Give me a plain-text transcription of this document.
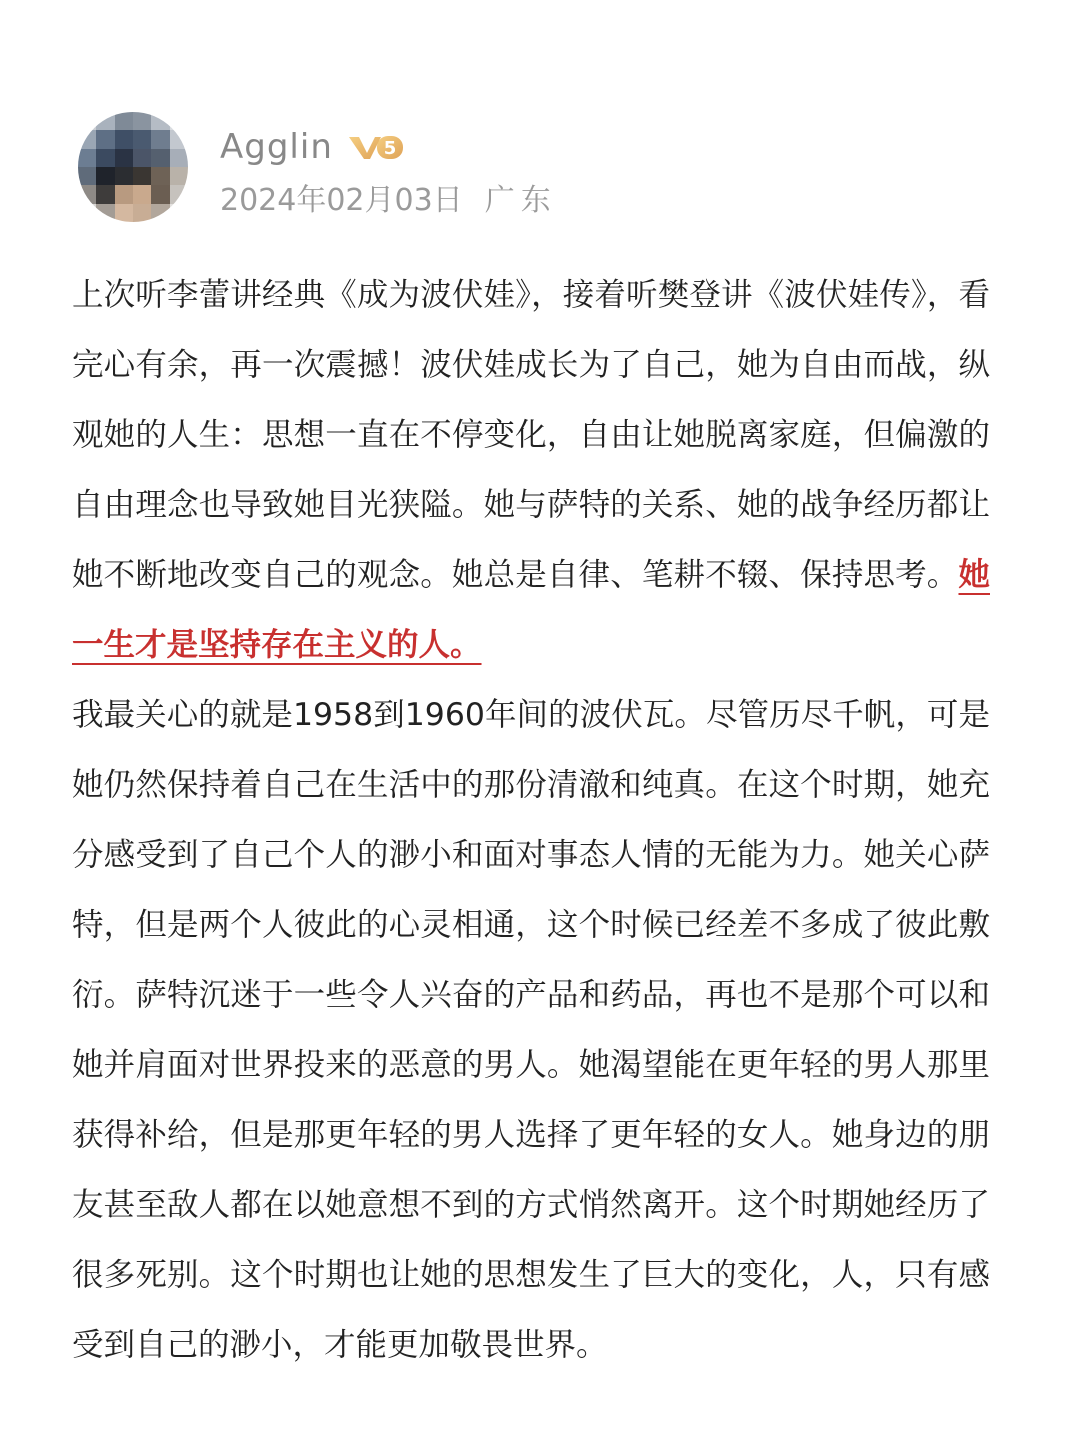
Agglin	5
2024年02月03日 广东

上次听李蕾讲经典《成为波伏娃》，接着听樊登讲《波伏娃传》，看完心有余，再一次震撼！波伏娃成长为了自己，她为自由而战，纵观她的人生：思想一直在不停变化，自由让她脱离家庭，但偏激的自由理念也导致她目光狭隘。她与萨特的关系、她的战争经历都让她不断地改变自己的观念。她总是自律、笔耕不辍、保持思考。她一生才是坚持存在主义的人。

我最关心的就是1958到1960年间的波伏瓦。尽管历尽千帆，可是她仍然保持着自己在生活中的那份清澈和纯真。在这个时期，她充分感受到了自己个人的渺小和面对事态人情的无能为力。她关心萨特，但是两个人彼此的心灵相通，这个时候已经差不多成了彼此敷衍。萨特沉迷于一些令人兴奋的产品和药品，再也不是那个可以和她并肩面对世界投来的恶意的男人。她渴望能在更年轻的男人那里获得补给，但是那更年轻的男人选择了更年轻的女人。她身边的朋友甚至敌人都在以她意想不到的方式悄然离开。这个时期她经历了很多死别。这个时期也让她的思想发生了巨大的变化，人，只有感受到自己的渺小，才能更加敬畏世界。
